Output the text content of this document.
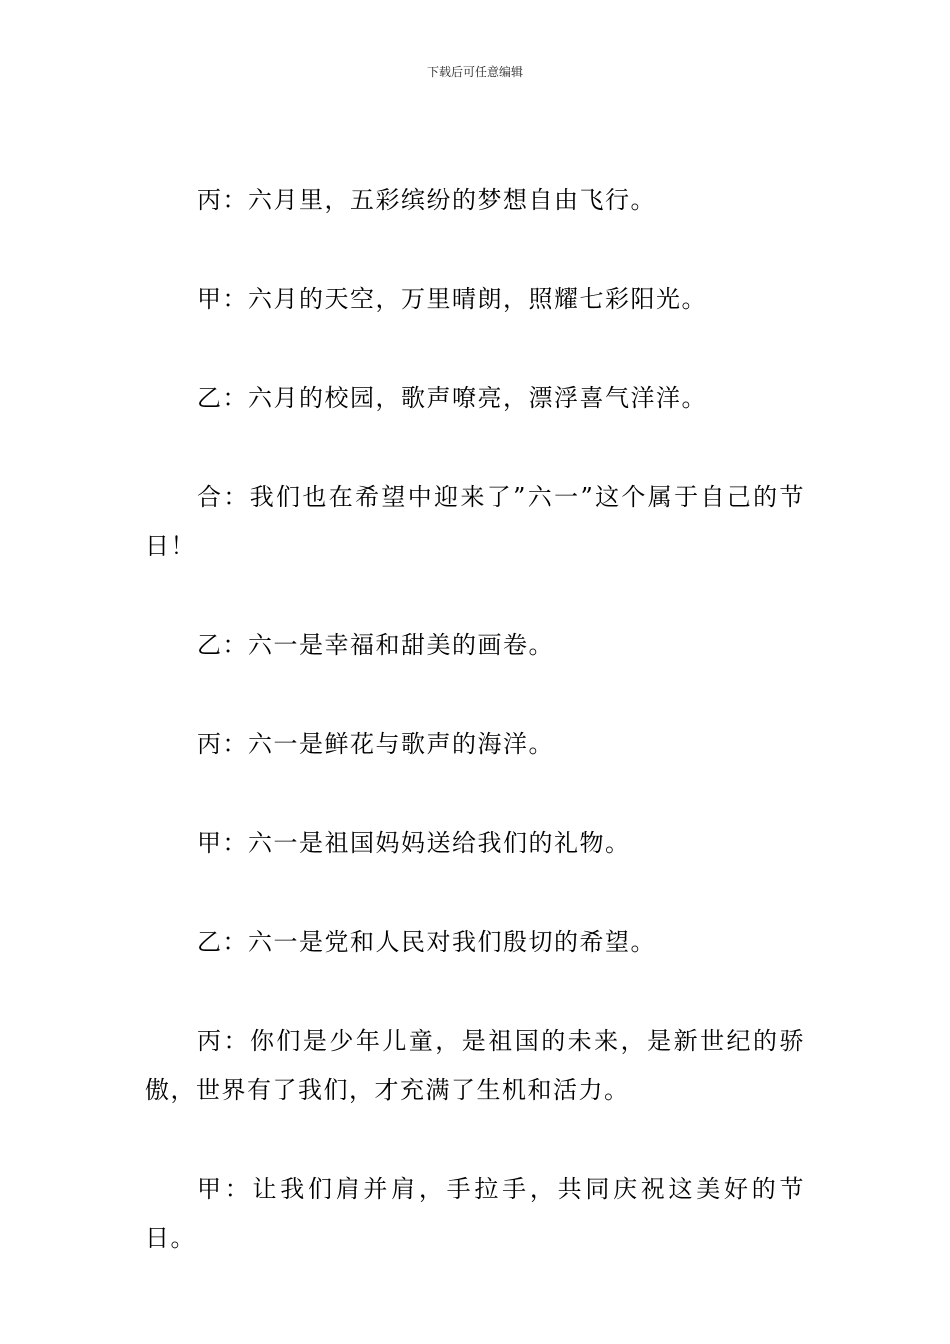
下载后可任意编辑

丙：六月里，五彩缤纷的梦想自由飞行。

甲：六月的天空，万里晴朗，照耀七彩阳光。

乙：六月的校园，歌声嘹亮，漂浮喜气洋洋。

合：我们也在希望中迎来了”六一”这个属于自己的节日！

乙：六一是幸福和甜美的画卷。

丙：六一是鲜花与歌声的海洋。

甲：六一是祖国妈妈送给我们的礼物。

乙：六一是党和人民对我们殷切的希望。

丙：你们是少年儿童，是祖国的未来，是新世纪的骄傲，世界有了我们，才充满了生机和活力。

甲：让我们肩并肩，手拉手，共同庆祝这美好的节日。
